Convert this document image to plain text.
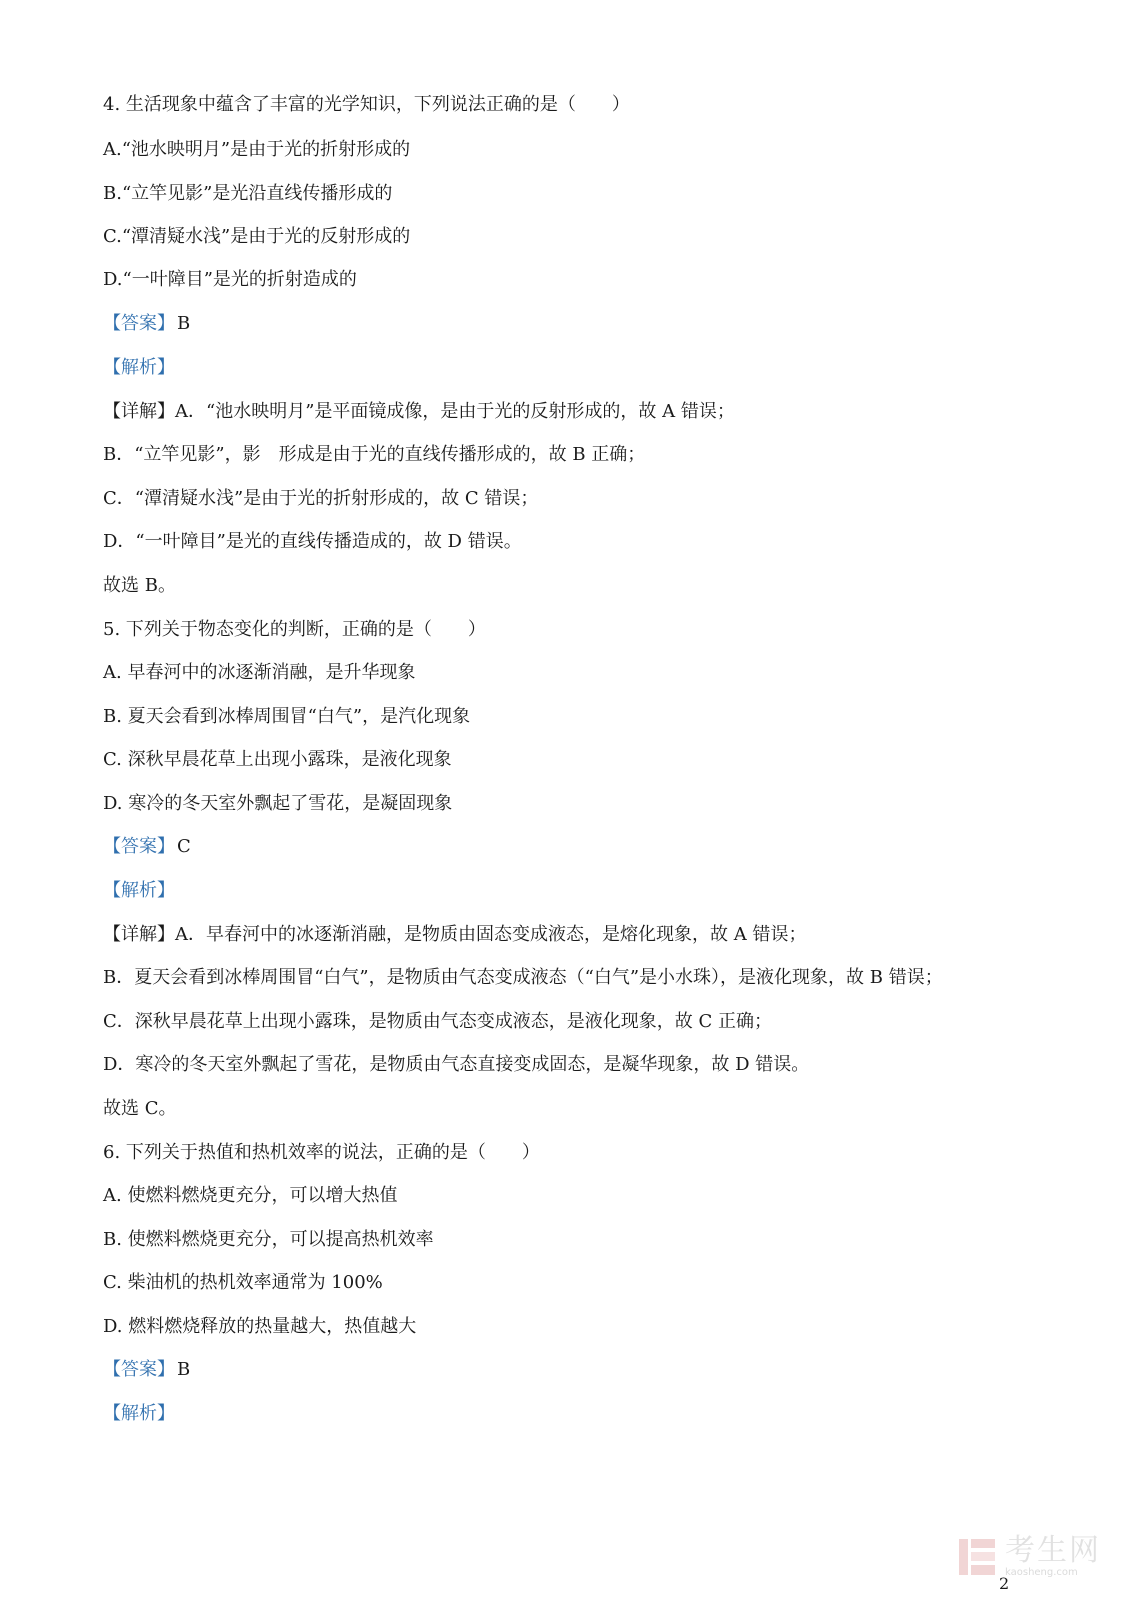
4. 生活现象中蕴含了丰富的光学知识，下列说法正确的是（　　）
A.“池水映明月”是由于光的折射形成的
B.“立竿见影”是光沿直线传播形成的
C.“潭清疑水浅”是由于光的反射形成的
D.“一叶障目”是光的折射造成的
【答案】 B
【解析】
【详解】A．“池水映明月”是平面镜成像，是由于光的反射形成的，故 A 错误；
B．“立竿见影”，影　形成是由于光的直线传播形成的，故 B 正确；
C．“潭清疑水浅”是由于光的折射形成的，故 C 错误；
D．“一叶障目”是光的直线传播造成的，故 D 错误。
故选 B。
5. 下列关于物态变化的判断，正确的是（　　）
A. 早春河中的冰逐渐消融，是升华现象
B. 夏天会看到冰棒周围冒“白气”，是汽化现象
C. 深秋早晨花草上出现小露珠，是液化现象
D. 寒冷的冬天室外飘起了雪花，是凝固现象
【答案】 C
【解析】
【详解】A．早春河中的冰逐渐消融，是物质由固态变成液态，是熔化现象，故 A 错误；
B．夏天会看到冰棒周围冒“白气”，是物质由气态变成液态（“白气”是小水珠），是液化现象，故 B 错误；
C．深秋早晨花草上出现小露珠，是物质由气态变成液态，是液化现象，故 C 正确；
D．寒冷的冬天室外飘起了雪花，是物质由气态直接变成固态，是凝华现象，故 D 错误。
故选 C。
6. 下列关于热值和热机效率的说法，正确的是（　　）
A. 使燃料燃烧更充分，可以增大热值
B. 使燃料燃烧更充分，可以提高热机效率
C. 柴油机的热机效率通常为 100%
D. 燃料燃烧释放的热量越大，热值越大
【答案】 B
【解析】
考生网
kaosheng.com
2
